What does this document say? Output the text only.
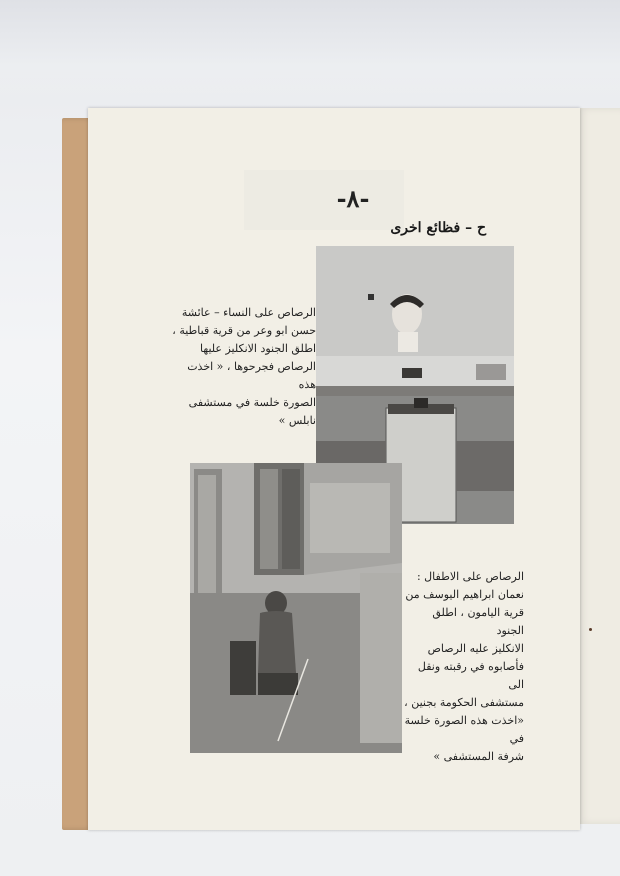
-٨-
ح – فظائع اخرى
الرصاص على النساء – عائشة
حسن ابو وعر من قرية قباطية ،
اطلق الجنود الانكليز عليها
الرصاص فجرحوها ، « اخذت هذه
الصورة خلسة في مستشفى نابلس »
الرصاص على الاطفال :
نعمان ابراهيم اليوسف من
قرية اليامون ، اطلق الجنود
الانكليز عليه الرصاص
فأصابوه في رقبته ونقل الى
مستشفى الحكومة بجنين ،
«اخذت هذه الصورة خلسة في
شرفة المستشفى »
